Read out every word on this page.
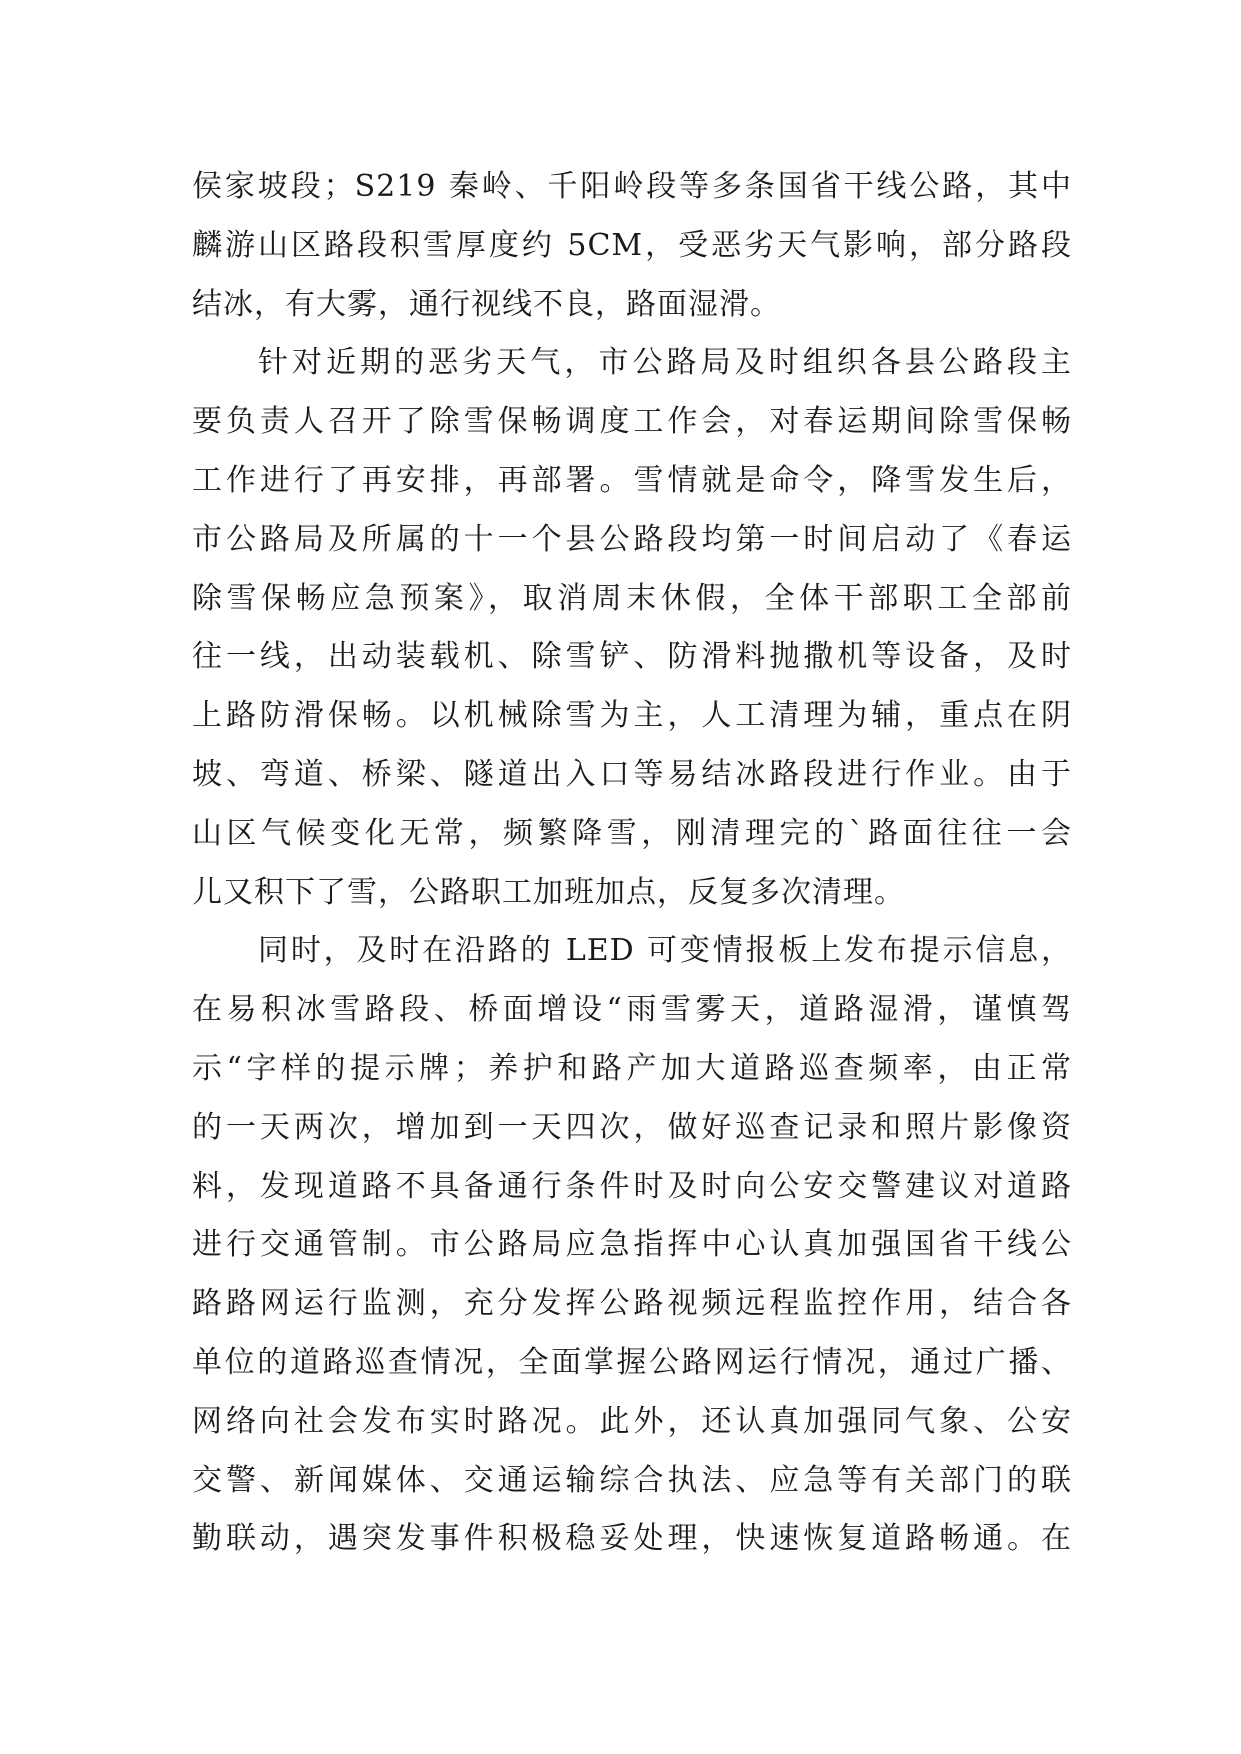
侯家坡段；S219 秦岭、千阳岭段等多条国省干线公路，其中
麟游山区路段积雪厚度约 5CM，受恶劣天气影响，部分路段
结冰，有大雾，通行视线不良，路面湿滑。
针对近期的恶劣天气，市公路局及时组织各县公路段主
要负责人召开了除雪保畅调度工作会，对春运期间除雪保畅
工作进行了再安排，再部署。雪情就是命令，降雪发生后，
市公路局及所属的十一个县公路段均第一时间启动了《春运
除雪保畅应急预案》，取消周末休假，全体干部职工全部前
往一线，出动装载机、除雪铲、防滑料抛撒机等设备，及时
上路防滑保畅。以机械除雪为主，人工清理为辅，重点在阴
坡、弯道、桥梁、隧道出入口等易结冰路段进行作业。由于
山区气候变化无常，频繁降雪，刚清理完的`路面往往一会
儿又积下了雪，公路职工加班加点，反复多次清理。
同时，及时在沿路的 LED 可变情报板上发布提示信息，
在易积冰雪路段、桥面增设“雨雪雾天，道路湿滑，谨慎驾
示“字样的提示牌；养护和路产加大道路巡查频率，由正常
的一天两次，增加到一天四次，做好巡查记录和照片影像资
料，发现道路不具备通行条件时及时向公安交警建议对道路
进行交通管制。市公路局应急指挥中心认真加强国省干线公
路路网运行监测，充分发挥公路视频远程监控作用，结合各
单位的道路巡查情况，全面掌握公路网运行情况，通过广播、
网络向社会发布实时路况。此外，还认真加强同气象、公安
交警、新闻媒体、交通运输综合执法、应急等有关部门的联
勤联动，遇突发事件积极稳妥处理，快速恢复道路畅通。在
